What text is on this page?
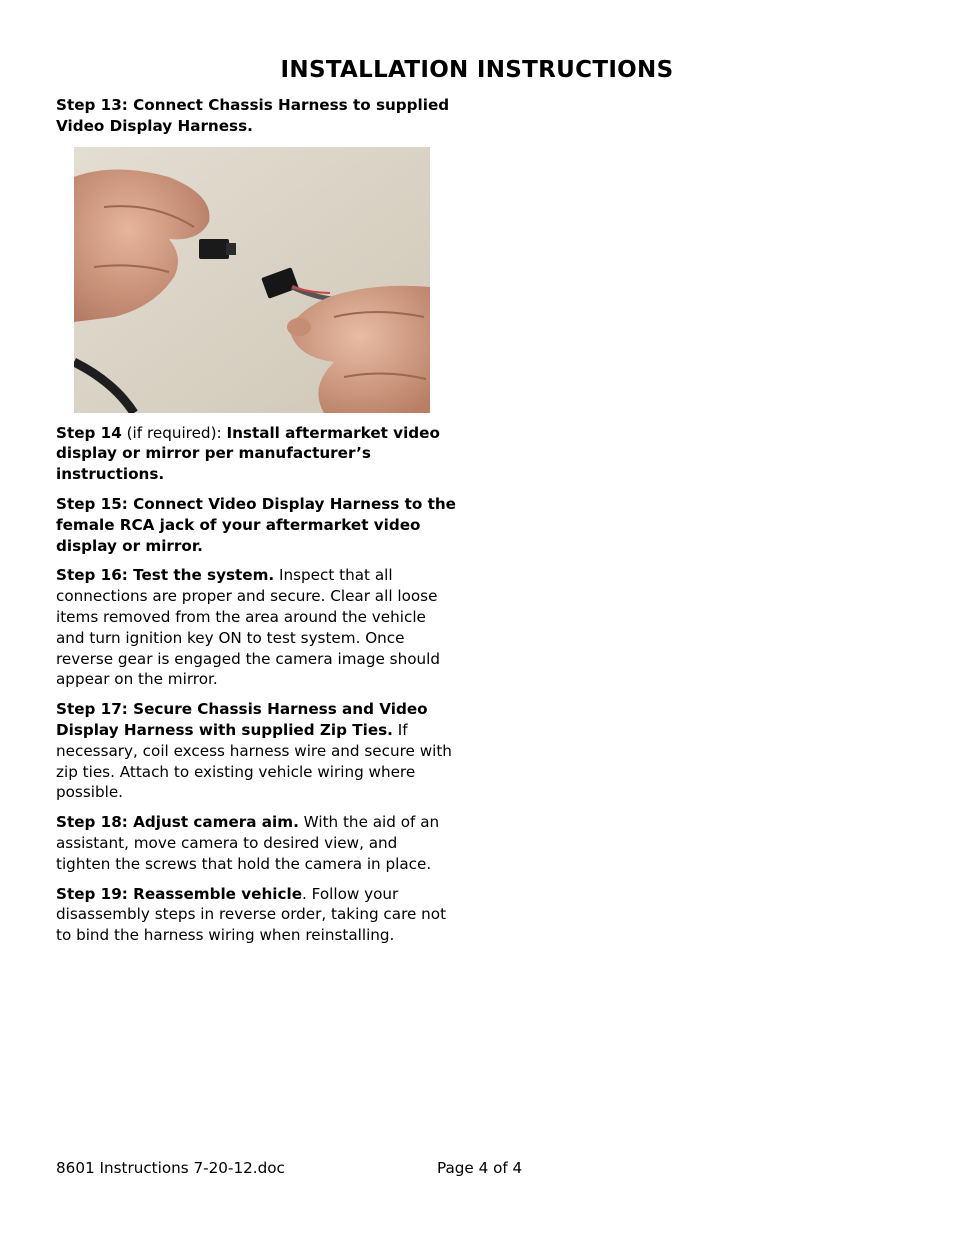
INSTALLATION INSTRUCTIONS

Step 13: Connect Chassis Harness to supplied Video Display Harness.

Step 14 (if required): Install aftermarket video display or mirror per manufacturer’s instructions.

Step 15: Connect Video Display Harness to the female RCA jack of your aftermarket video display or mirror.

Step 16: Test the system. Inspect that all connections are proper and secure. Clear all loose items removed from the area around the vehicle and turn ignition key ON to test system. Once reverse gear is engaged the camera image should appear on the mirror.

Step 17: Secure Chassis Harness and Video Display Harness with supplied Zip Ties. If necessary, coil excess harness wire and secure with zip ties. Attach to existing vehicle wiring where possible.

Step 18: Adjust camera aim. With the aid of an assistant, move camera to desired view, and tighten the screws that hold the camera in place.

Step 19: Reassemble vehicle. Follow your disassembly steps in reverse order, taking care not to bind the harness wiring when reinstalling.

8601 Instructions 7-20-12.doc	Page 4 of 4
